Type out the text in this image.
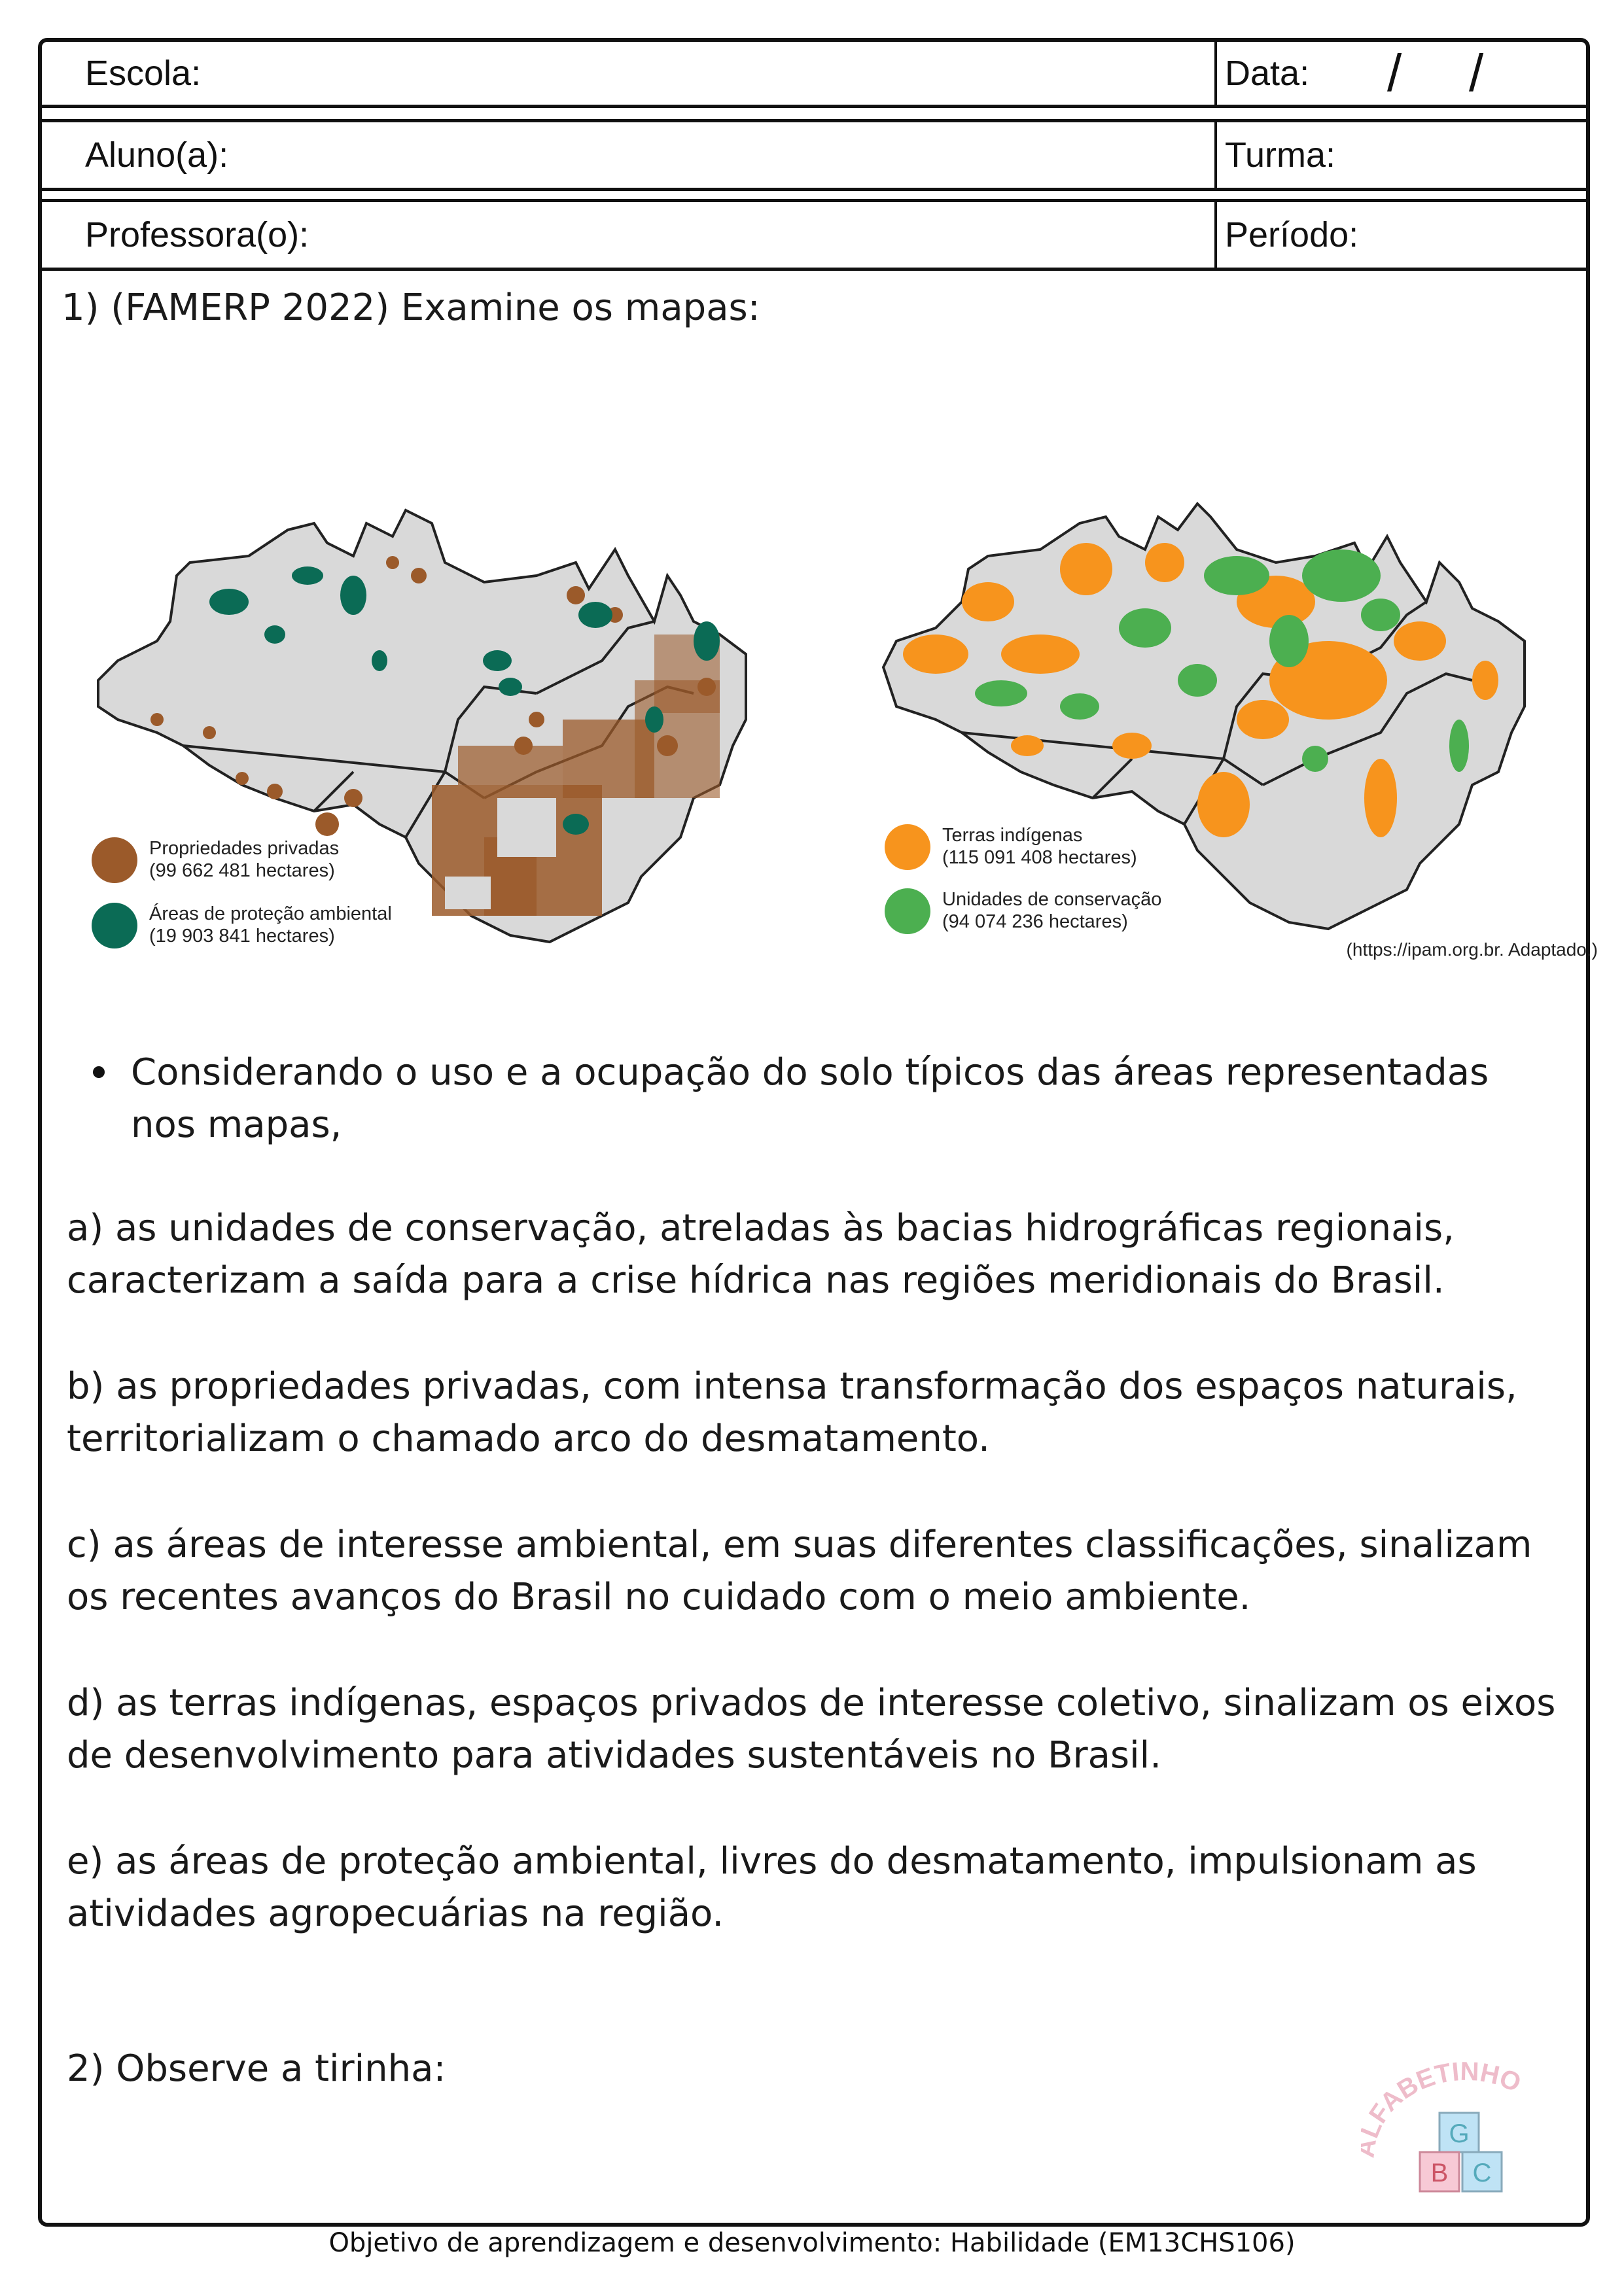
Escola:	Data: / /
Aluno(a):	Turma:
Professora(o):	Período:
1) (FAMERP 2022) Examine os mapas:
Propriedades privadas
(99 662 481 hectares)
Áreas de proteção ambiental
(19 903 841 hectares)
Terras indígenas
(115 091 408 hectares)
Unidades de conservação
(94 074 236 hectares)
(https://ipam.org.br. Adaptado.)
Considerando o uso e a ocupação do solo típicos das áreas representadas nos mapas,
a) as unidades de conservação, atreladas às bacias hidrográficas regionais, caracterizam a saída para a crise hídrica nas regiões meridionais do Brasil.
b) as propriedades privadas, com intensa transformação dos espaços naturais, territorializam o chamado arco do desmatamento.
c) as áreas de interesse ambiental, em suas diferentes classificações, sinalizam os recentes avanços do Brasil no cuidado com o meio ambiente.
d) as terras indígenas, espaços privados de interesse coletivo, sinalizam os eixos de desenvolvimento para atividades sustentáveis no Brasil.
e) as áreas de proteção ambiental, livres do desmatamento, impulsionam as atividades agropecuárias na região.
2) Observe a tirinha:
FABETINHO
G
B C
Objetivo de aprendizagem e desenvolvimento: Habilidade (EM13CHS106)
